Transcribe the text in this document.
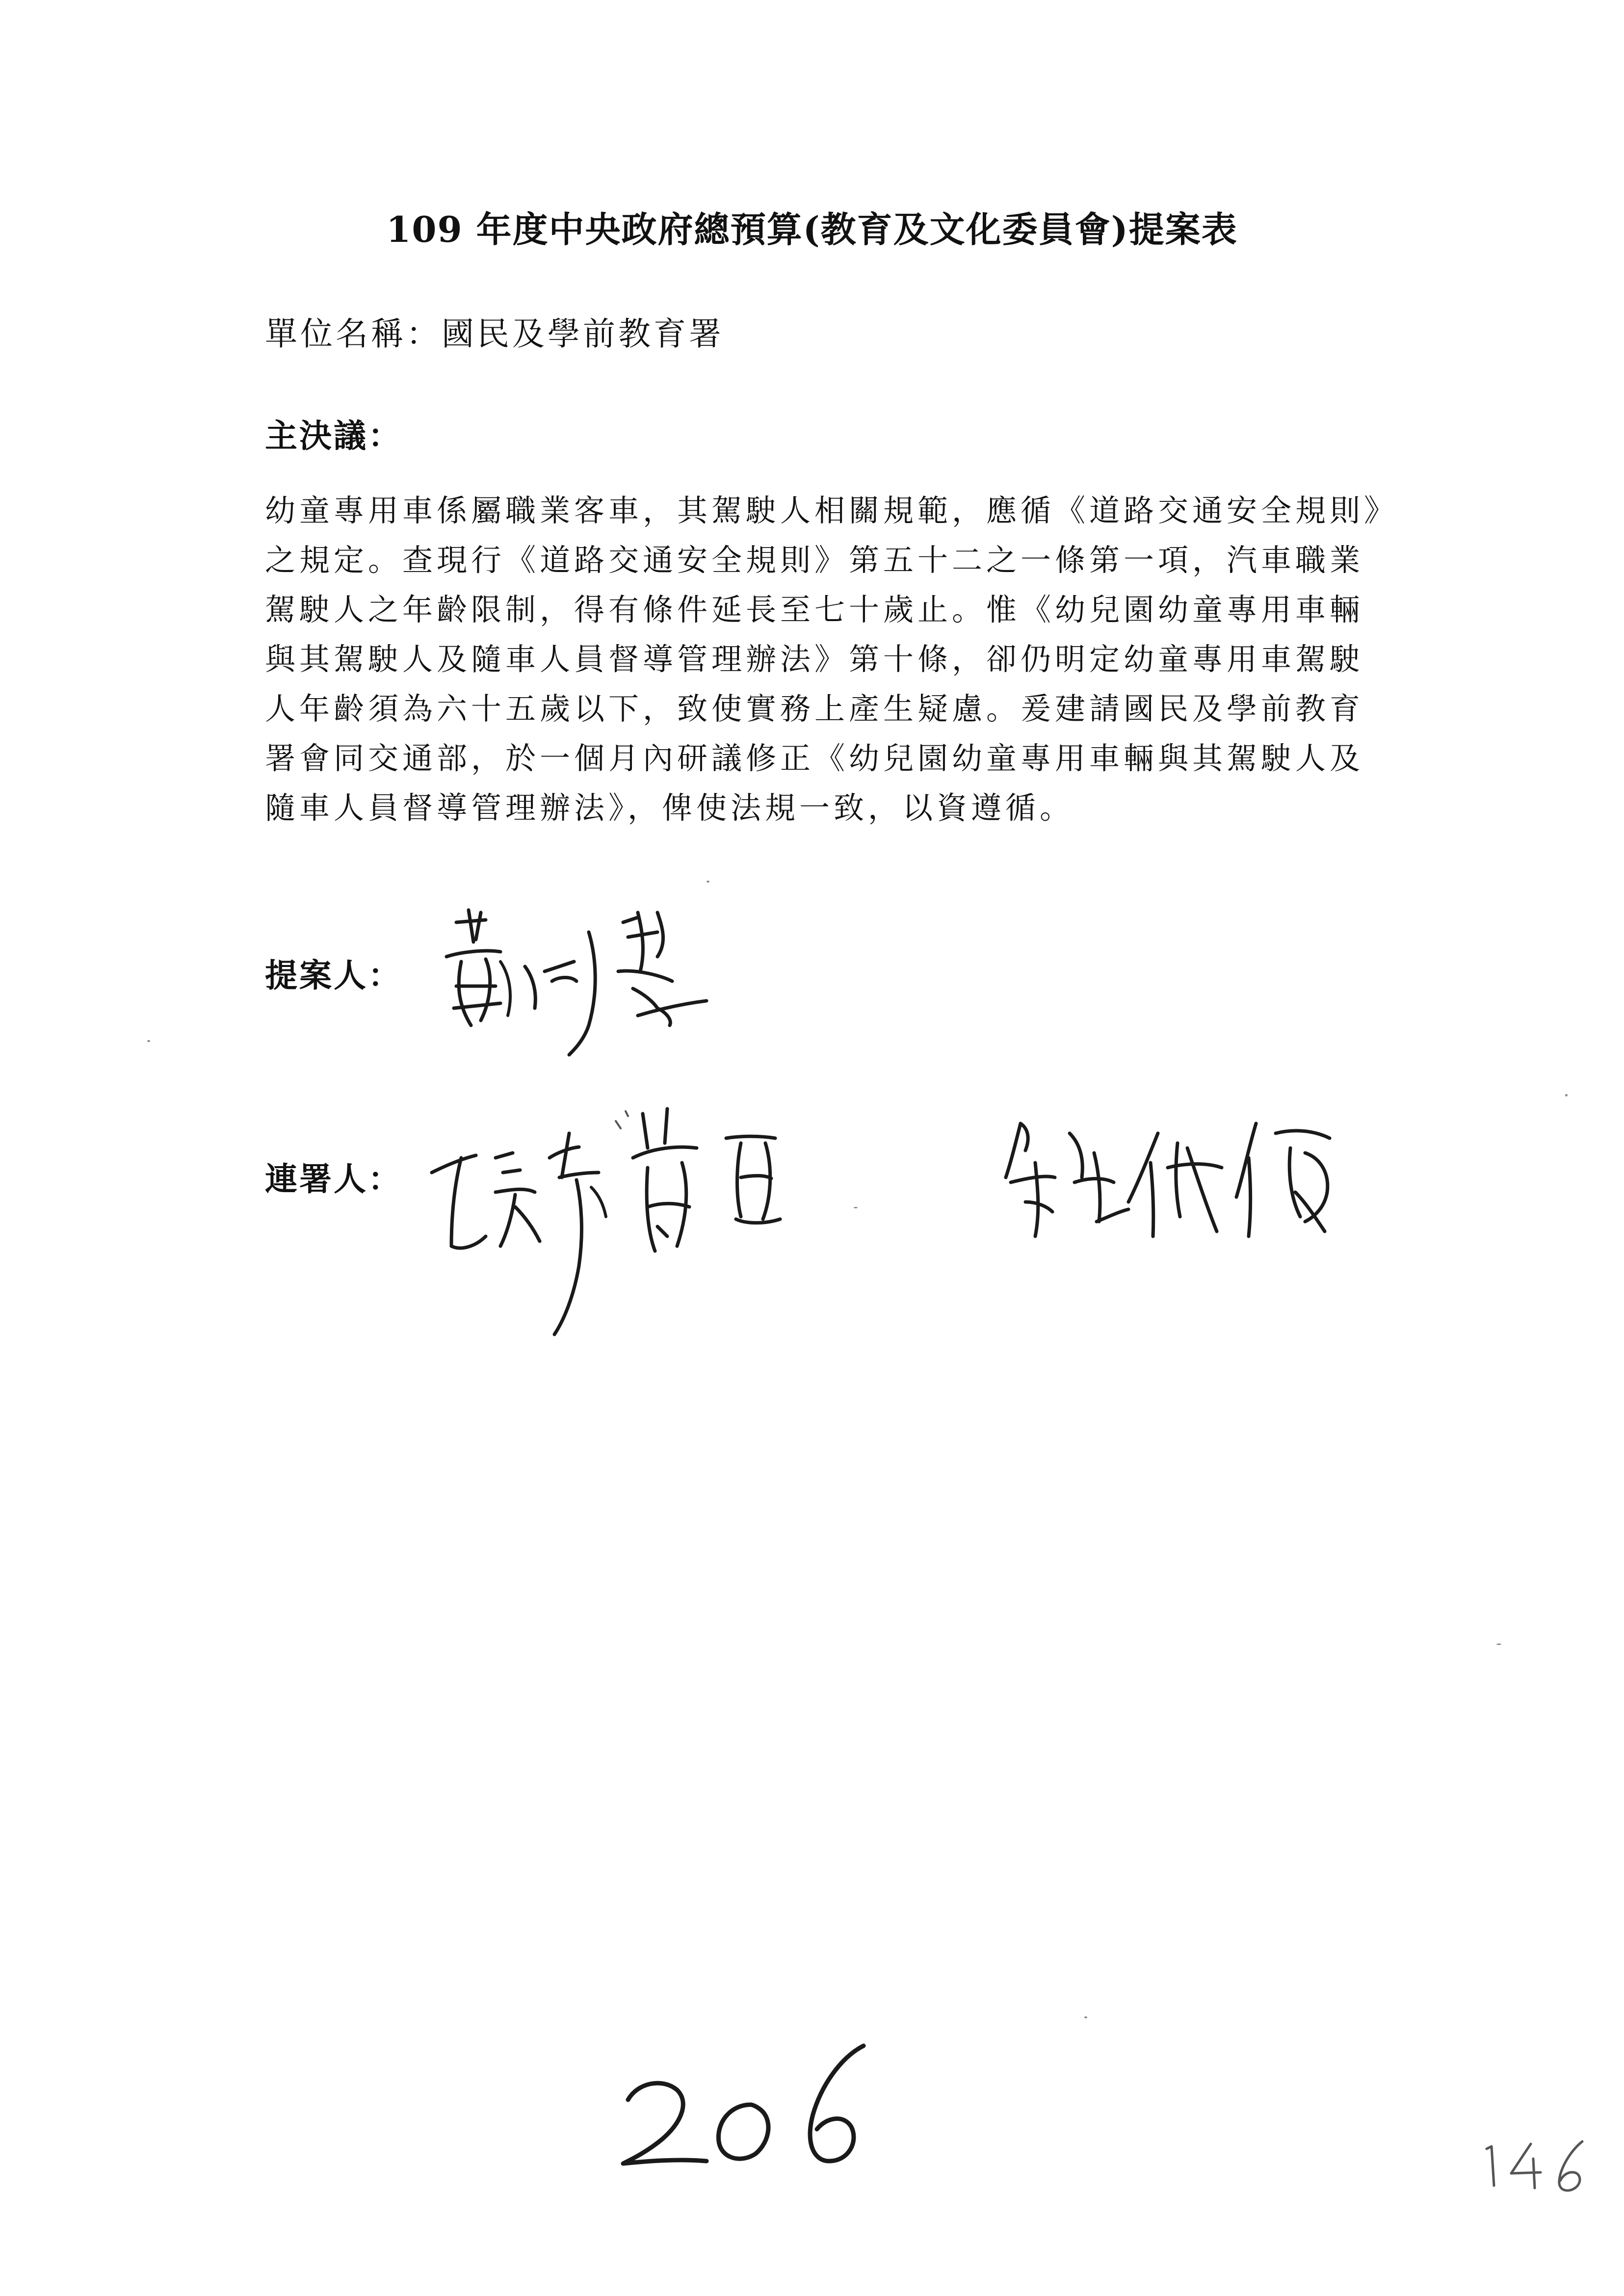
109 年度中央政府總預算(教育及文化委員會)提案表
單位名稱：國民及學前教育署
主決議：
幼童專用車係屬職業客車，其駕駛人相關規範，應循《道路交通安全規則》
之規定。查現行《道路交通安全規則》第五十二之一條第一項，汽車職業
駕駛人之年齡限制，得有條件延長至七十歲止。惟《幼兒園幼童專用車輛
與其駕駛人及隨車人員督導管理辦法》第十條，卻仍明定幼童專用車駕駛
人年齡須為六十五歲以下，致使實務上產生疑慮。爰建請國民及學前教育
署會同交通部，於一個月內研議修正《幼兒園幼童專用車輛與其駕駛人及
隨車人員督導管理辦法》，俾使法規一致，以資遵循。
提案人：
連署人：
